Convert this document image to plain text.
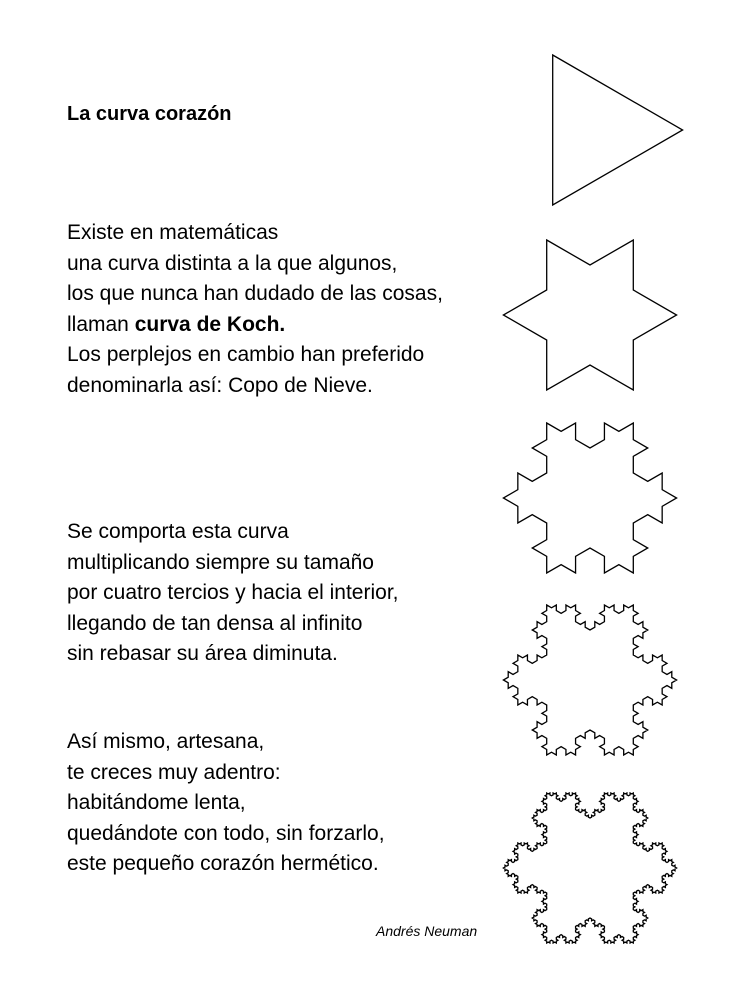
La curva corazón

Existe en matemáticas
una curva distinta a la que algunos,
los que nunca han dudado de las cosas,
llaman curva de Koch.
Los perplejos en cambio han preferido
denominarla así: Copo de Nieve.

Se comporta esta curva
multiplicando siempre su tamaño
por cuatro tercios y hacia el interior,
llegando de tan densa al infinito
sin rebasar su área diminuta.

Así mismo, artesana,
te creces muy adentro:
habitándome lenta,
quedándote con todo, sin forzarlo,
este pequeño corazón hermético.

Andrés Neuman
